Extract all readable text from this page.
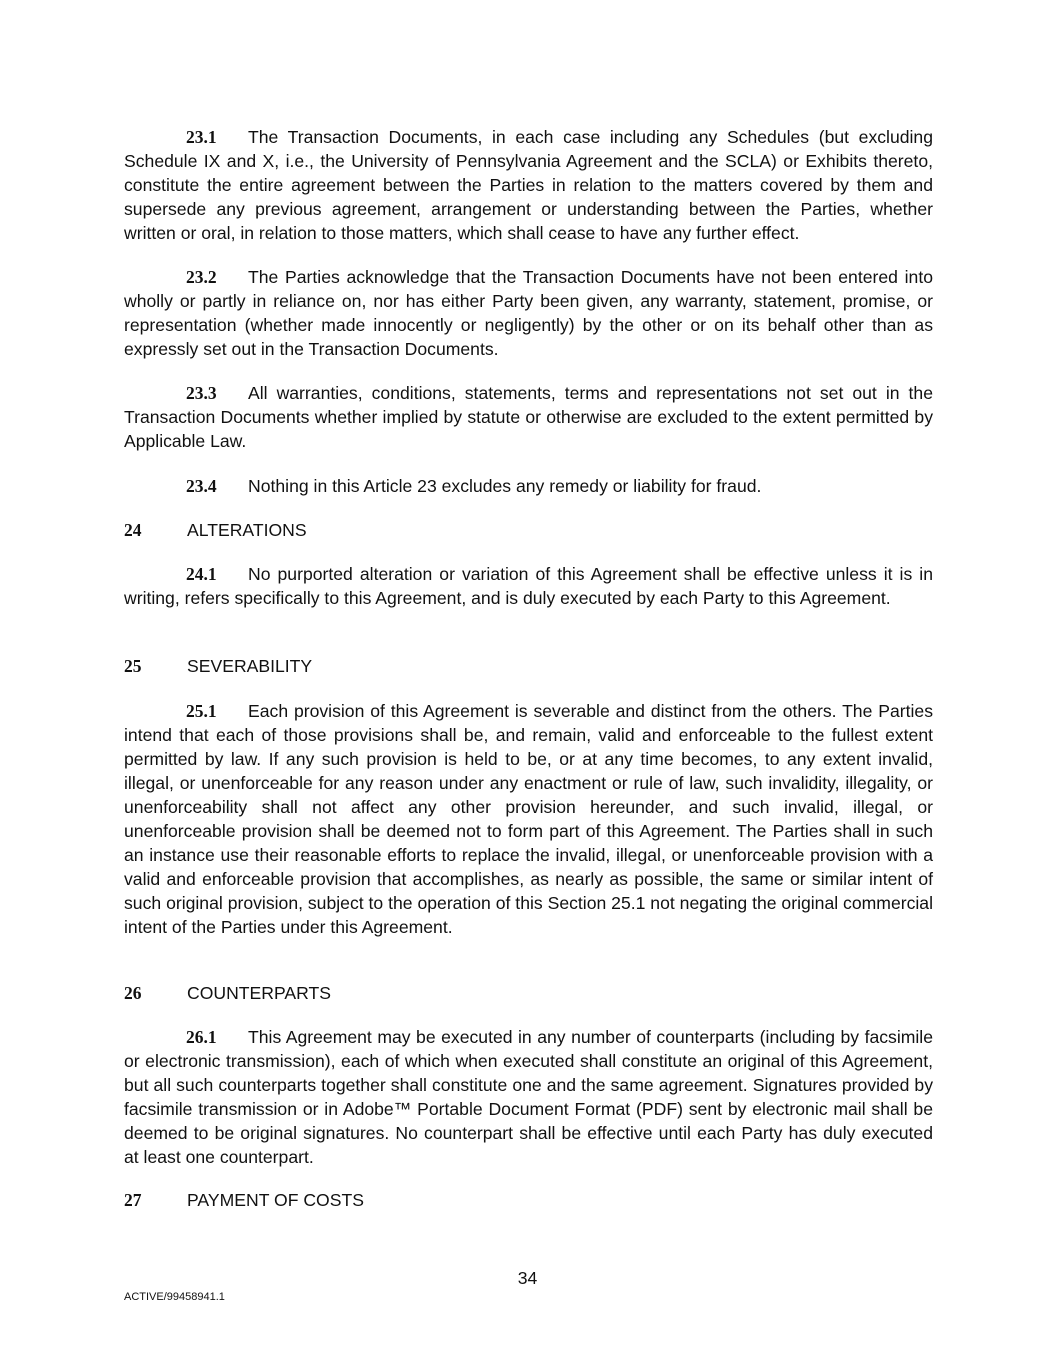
23.1 The Transaction Documents, in each case including any Schedules (but excluding Schedule IX and X, i.e., the University of Pennsylvania Agreement and the SCLA) or Exhibits thereto, constitute the entire agreement between the Parties in relation to the matters covered by them and supersede any previous agreement, arrangement or understanding between the Parties, whether written or oral, in relation to those matters, which shall cease to have any further effect.

23.2 The Parties acknowledge that the Transaction Documents have not been entered into wholly or partly in reliance on, nor has either Party been given, any warranty, statement, promise, or representation (whether made innocently or negligently) by the other or on its behalf other than as expressly set out in the Transaction Documents.

23.3 All warranties, conditions, statements, terms and representations not set out in the Transaction Documents whether implied by statute or otherwise are excluded to the extent permitted by Applicable Law.

23.4 Nothing in this Article 23 excludes any remedy or liability for fraud.

24	ALTERATIONS

24.1 No purported alteration or variation of this Agreement shall be effective unless it is in writing, refers specifically to this Agreement, and is duly executed by each Party to this Agreement.

25	SEVERABILITY

25.1 Each provision of this Agreement is severable and distinct from the others. The Parties intend that each of those provisions shall be, and remain, valid and enforceable to the fullest extent permitted by law. If any such provision is held to be, or at any time becomes, to any extent invalid, illegal, or unenforceable for any reason under any enactment or rule of law, such invalidity, illegality, or unenforceability shall not affect any other provision hereunder, and such invalid, illegal, or unenforceable provision shall be deemed not to form part of this Agreement. The Parties shall in such an instance use their reasonable efforts to replace the invalid, illegal, or unenforceable provision with a valid and enforceable provision that accomplishes, as nearly as possible, the same or similar intent of such original provision, subject to the operation of this Section 25.1 not negating the original commercial intent of the Parties under this Agreement.

26	COUNTERPARTS

26.1 This Agreement may be executed in any number of counterparts (including by facsimile or electronic transmission), each of which when executed shall constitute an original of this Agreement, but all such counterparts together shall constitute one and the same agreement. Signatures provided by facsimile transmission or in Adobe™ Portable Document Format (PDF) sent by electronic mail shall be deemed to be original signatures. No counterpart shall be effective until each Party has duly executed at least one counterpart.

27	PAYMENT OF COSTS

34
ACTIVE/99458941.1
